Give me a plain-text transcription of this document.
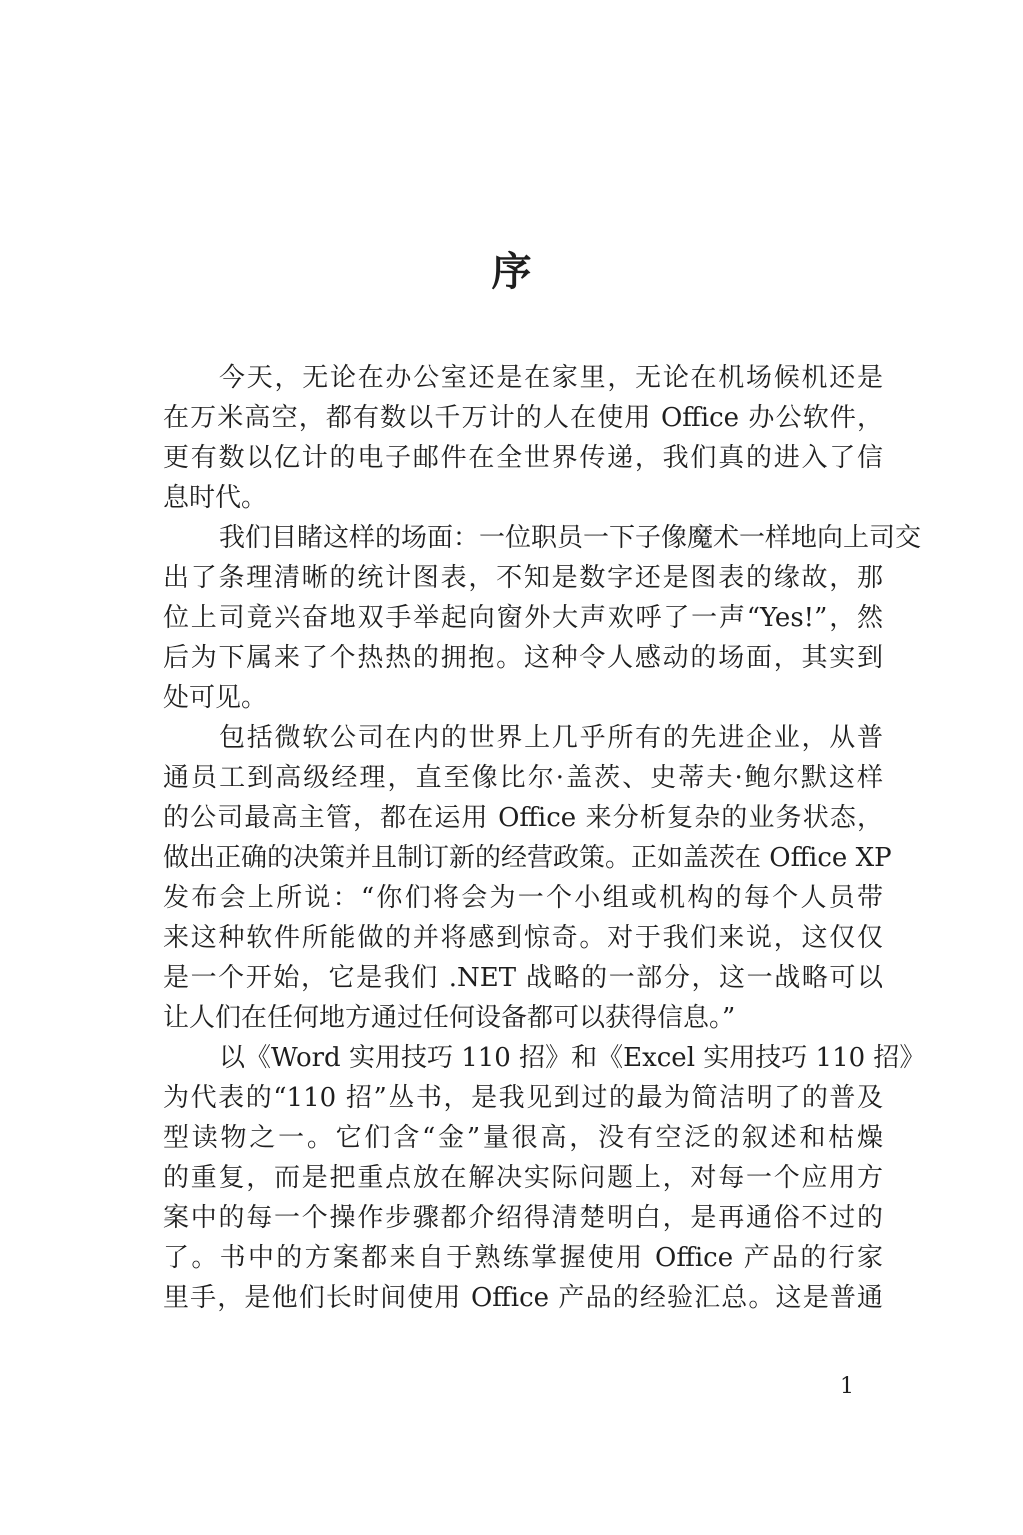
序
今天，无论在办公室还是在家里，无论在机场候机还是
在万米高空，都有数以千万计的人在使用 Office 办公软件，
更有数以亿计的电子邮件在全世界传递，我们真的进入了信
息时代。
我们目睹这样的场面：一位职员一下子像魔术一样地向上司交
出了条理清晰的统计图表，不知是数字还是图表的缘故，那
位上司竟兴奋地双手举起向窗外大声欢呼了一声“Yes!”，然
后为下属来了个热热的拥抱。这种令人感动的场面，其实到
处可见。
包括微软公司在内的世界上几乎所有的先进企业，从普
通员工到高级经理，直至像比尔·盖茨、史蒂夫·鲍尔默这样
的公司最高主管，都在运用 Office 来分析复杂的业务状态，
做出正确的决策并且制订新的经营政策。正如盖茨在 Office XP
发布会上所说：“你们将会为一个小组或机构的每个人员带
来这种软件所能做的并将感到惊奇。对于我们来说，这仅仅
是一个开始，它是我们 .NET 战略的一部分，这一战略可以
让人们在任何地方通过任何设备都可以获得信息。”
以《Word 实用技巧 110 招》和《Excel 实用技巧 110 招》
为代表的“110 招”丛书，是我见到过的最为简洁明了的普及
型读物之一。它们含“金”量很高，没有空泛的叙述和枯燥
的重复，而是把重点放在解决实际问题上，对每一个应用方
案中的每一个操作步骤都介绍得清楚明白，是再通俗不过的
了。书中的方案都来自于熟练掌握使用 Office 产品的行家
里手，是他们长时间使用 Office 产品的经验汇总。这是普通
1
